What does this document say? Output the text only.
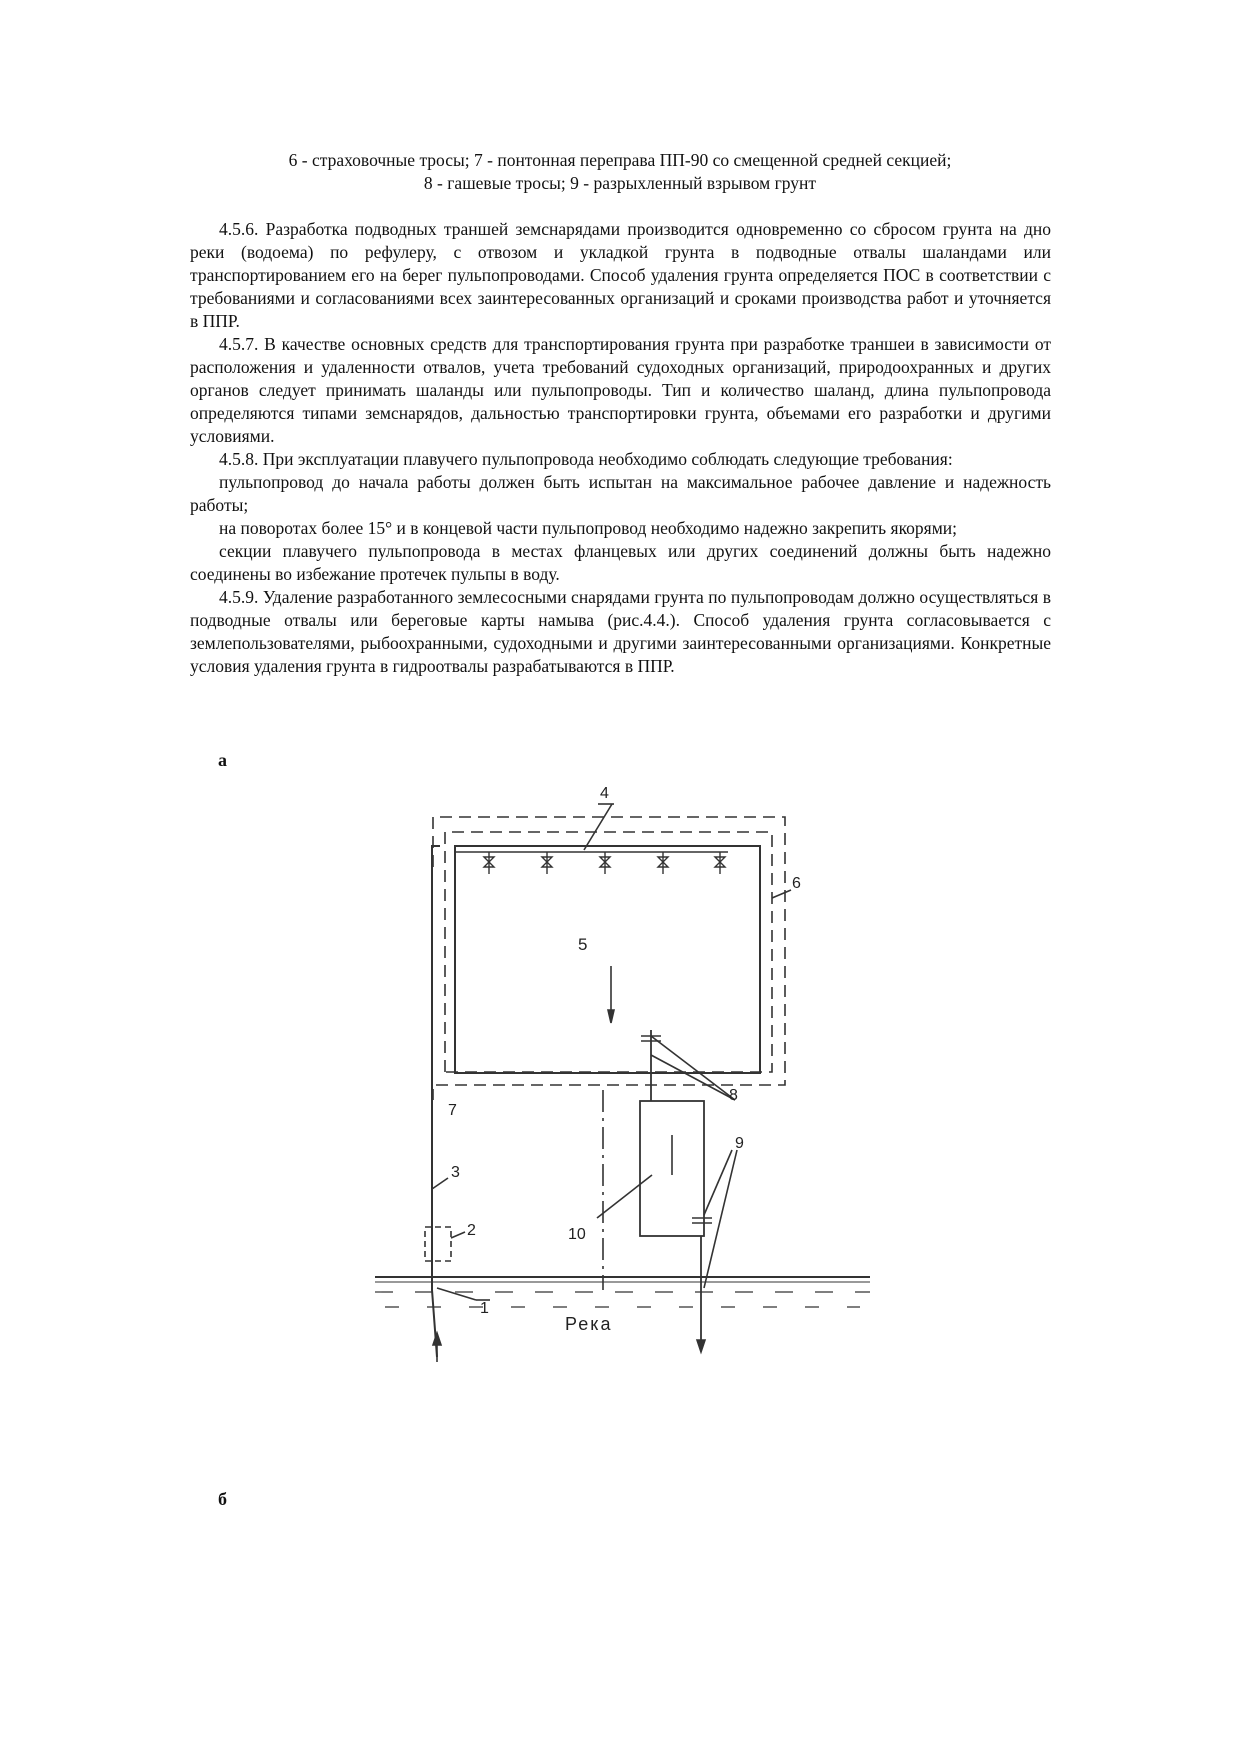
6 - страховочные тросы; 7 - понтонная переправа ПП-90 со смещенной средней секцией;
8 - гашевые тросы; 9 - разрыхленный взрывом грунт

4.5.6. Разработка подводных траншей земснарядами производится одновременно со сбросом грунта на дно реки (водоема) по рефулеру, с отвозом и укладкой грунта в подводные отвалы шаландами или транспортированием его на берег пульпопроводами. Способ удаления грунта определяется ПОС в соответствии с требованиями и согласованиями всех заинтересованных организаций и сроками производства работ и уточняется в ППР.

4.5.7. В качестве основных средств для транспортирования грунта при разработке траншеи в зависимости от расположения и удаленности отвалов, учета требований судоходных организаций, природоохранных и других органов следует принимать шаланды или пульпопроводы. Тип и количество шаланд, длина пульпопровода определяются типами земснарядов, дальностью транспортировки грунта, объемами его разработки и другими условиями.

4.5.8. При эксплуатации плавучего пульпопровода необходимо соблюдать следующие требования:

пульпопровод до начала работы должен быть испытан на максимальное рабочее давление и надежность работы;

на поворотах более 15° и в концевой части пульпопровод необходимо надежно закрепить якорями;

секции плавучего пульпопровода в местах фланцевых или других соединений должны быть надежно соединены во избежание протечек пульпы в воду.

4.5.9. Удаление разработанного землесосными снарядами грунта по пульпопроводам должно осуществляться в подводные отвалы или береговые карты намыва (рис.4.4.). Способ удаления грунта согласовывается с землепользователями, рыбоохранными, судоходными и другими заинтересованными организациями. Конкретные условия удаления грунта в гидроотвалы разрабатываются в ППР.

а
б
4
6
5
7
8
9
3
10
2
1
Река
